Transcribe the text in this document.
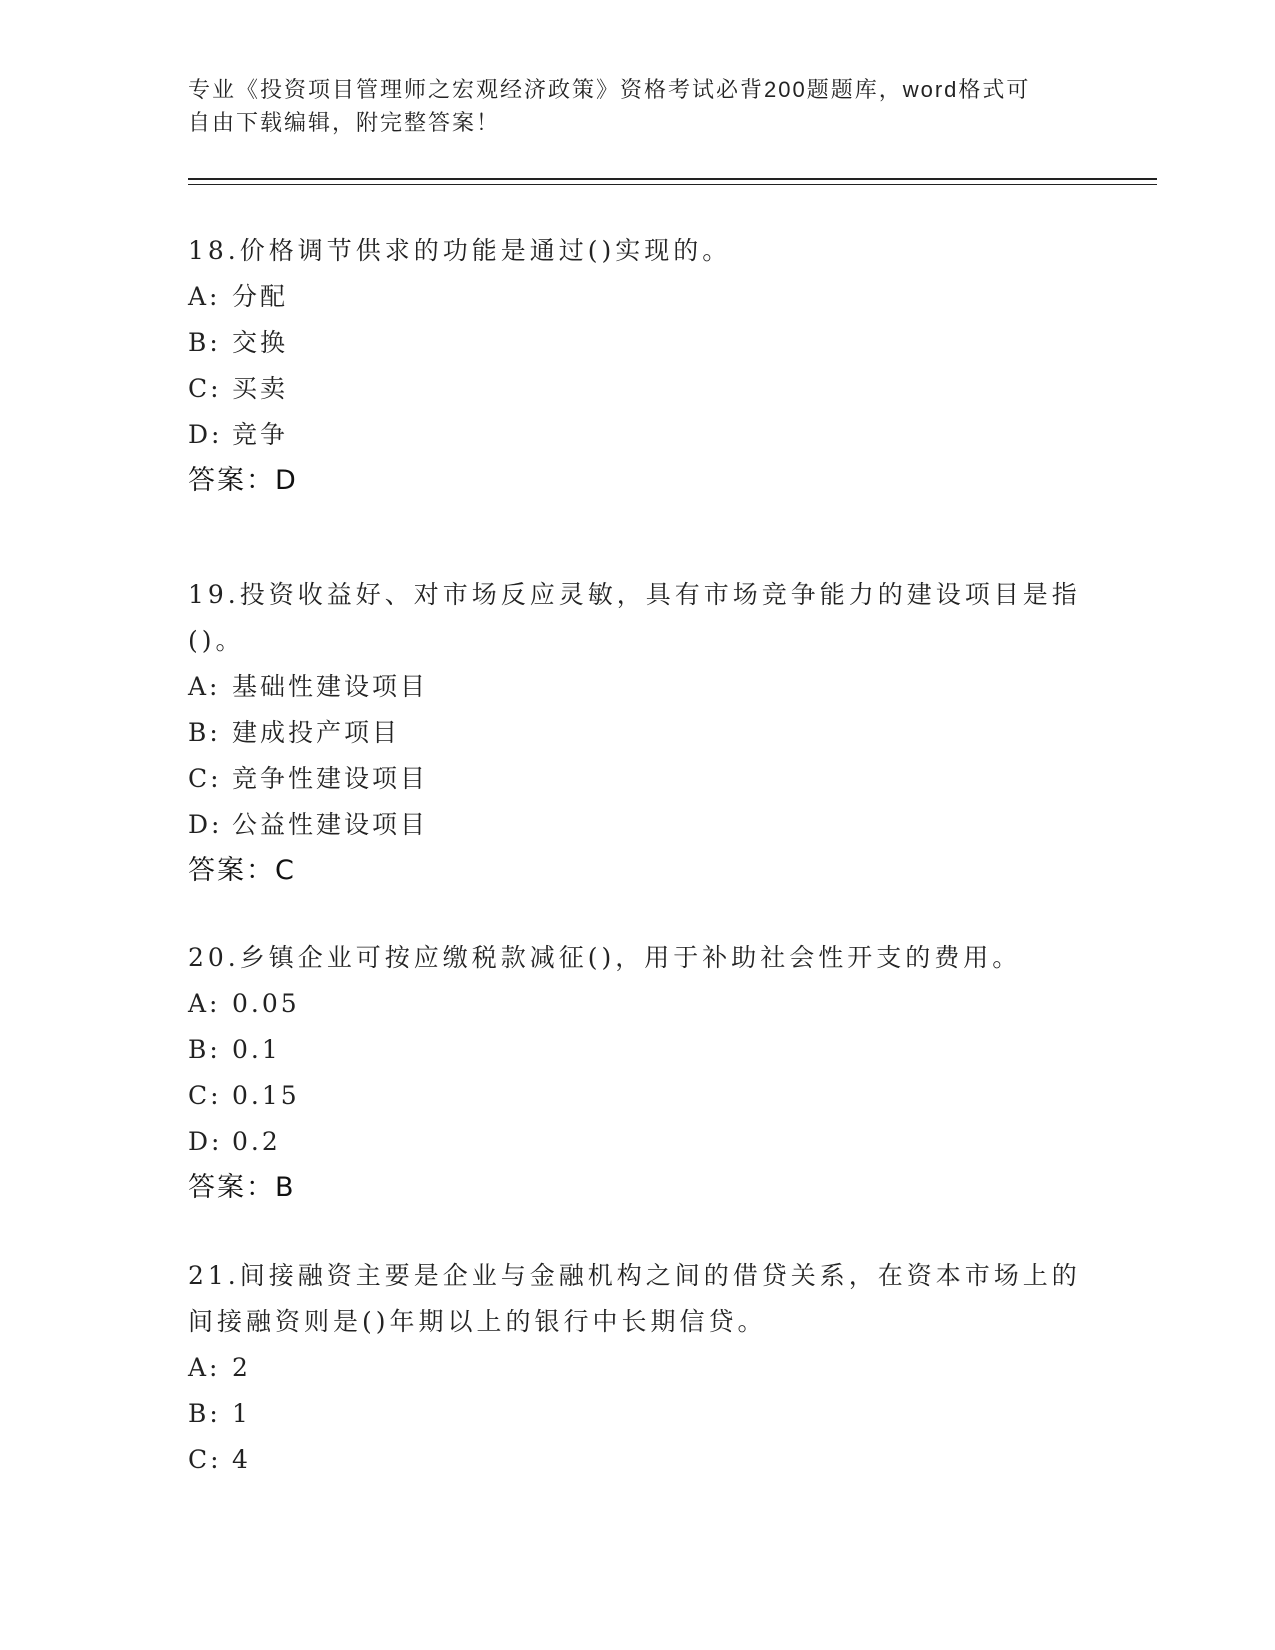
专业《投资项目管理师之宏观经济政策》资格考试必背200题题库，word格式可
自由下载编辑，附完整答案！
18.价格调节供求的功能是通过()实现的。
A: 分配
B: 交换
C: 买卖
D: 竞争
答案：D
19.投资收益好、对市场反应灵敏，具有市场竞争能力的建设项目是指()。
A: 基础性建设项目
B: 建成投产项目
C: 竞争性建设项目
D: 公益性建设项目
答案：C
20.乡镇企业可按应缴税款减征()，用于补助社会性开支的费用。
A: 0.05
B: 0.1
C: 0.15
D: 0.2
答案：B
21.间接融资主要是企业与金融机构之间的借贷关系，在资本市场上的间接融资则是()年期以上的银行中长期信贷。
A: 2
B: 1
C: 4
